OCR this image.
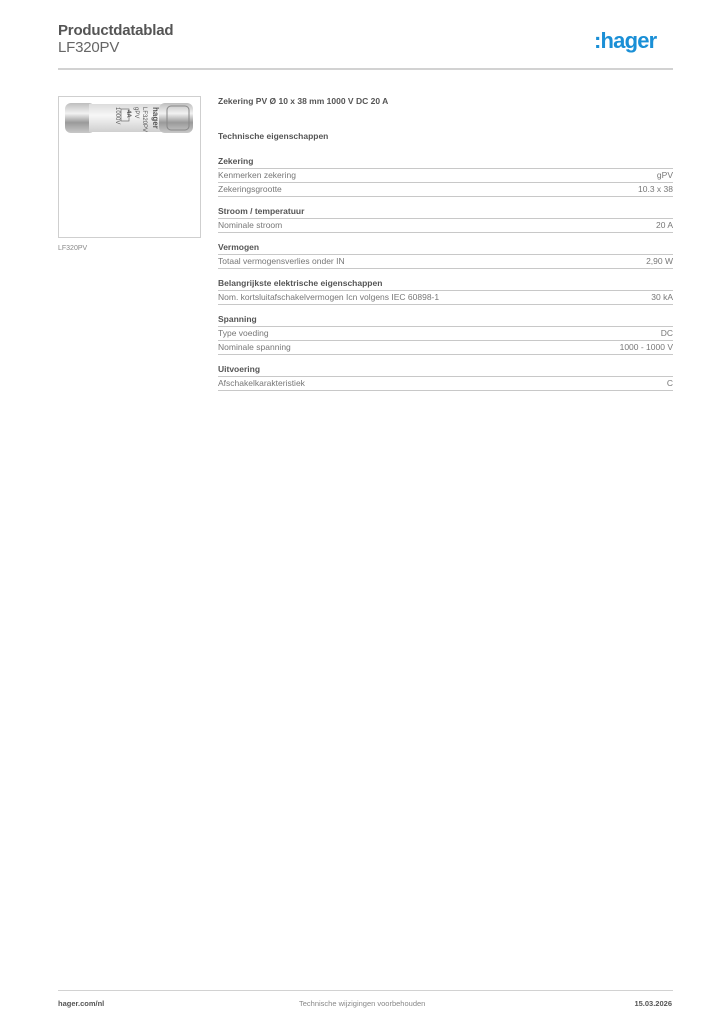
Productdatablad
LF320PV	:hager
hager
LF320PV
gPV
4A
1000V
LF320PV
Zekering PV Ø 10 x 38 mm 1000 V DC 20 A
Technische eigenschappen
Zekering
Kenmerken zekering	gPV
Zekeringsgrootte	10.3 x 38
Stroom / temperatuur
Nominale stroom	20 A
Vermogen
Totaal vermogensverlies onder IN	2,90 W
Belangrijkste elektrische eigenschappen
Nom. kortsluitafschakelvermogen Icn volgens IEC 60898-1	30 kA
Spanning
Type voeding	DC
Nominale spanning	1000 - 1000 V
Uitvoering
Afschakelkarakteristiek	C
hager.com/nl	Technische wijzigingen voorbehouden	15.03.2026
